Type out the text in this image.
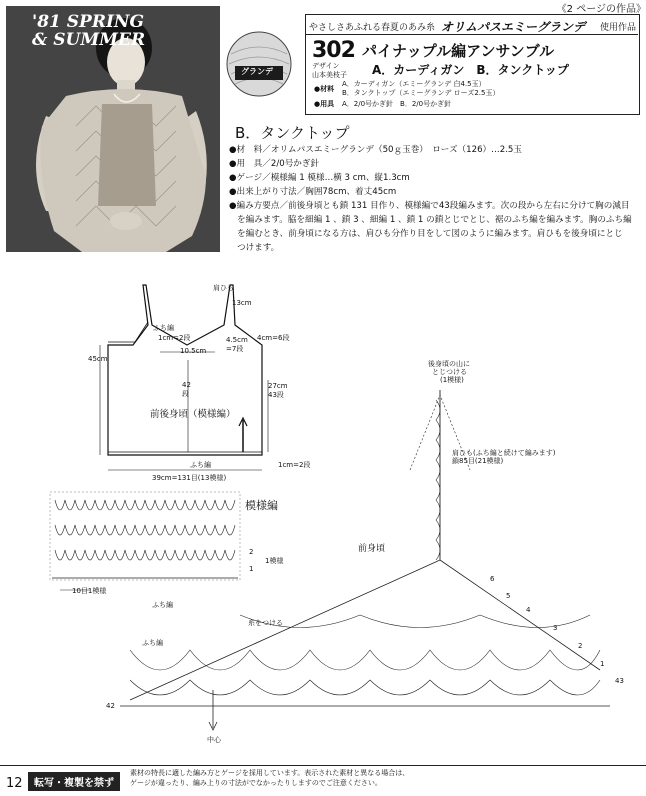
'81 SPRING
& SUMMER
《2 ページの作品》
やさしさあふれる春夏のあみ糸 オリムパスエミーグランデ 使用作品
グランデ
302
デザイン
山本美枝子
パイナップル編アンサンブル
A．カーディガン　B．タンクトップ
●材料
A．カーディガン（エミーグランデ 白4.5玉）
B．タンクトップ（エミーグランデ ローズ2.5玉）
●用具 A．2/0号かぎ針　B．2/0号かぎ針
B．タンクトップ
●材　料／オリムパスエミーグランデ（50ｇ玉巻）　ローズ（126）…2.5玉
●用　具／2/0号かぎ針
●ゲージ／模様編 1 模様…横 3 cm、縦1.3cm
●出来上がり寸法／胸囲78cm、着丈45cm
●編み方要点／前後身頃とも鎖 131 目作り、模様編で43段編みます。次の段から左右に分けて胸の減目
を編みます。脇を細編 1 、鎖 3 、細編 1 、鎖 1 の鎖とじでとじ、裾のふち編を編みます。胸のふち編
を編むとき、前身頃になる方は、肩ひも分作り目をして図のように編みます。肩ひもを後身頃にとじ
つけます。
肩ひも
13cm
ふち編
1cm=2段	4cm=6段
4.5cm
=7段
10.5cm
45cm
42
段
27cm
43段
前後身頃（模様編）
ふち編	1cm=2段
39cm=131目(13模様)
模様編
1模様
2
1
10目1模様
ふち編
前身頃
後身頃の山に
とじつける
(1模様)
肩ひも(ふち編と続けて編みます)
鎖85目(21模様)
糸をつける
ふち編
中心
42
43
6
5
4
3
2
1
12	転写・複製を禁ず
素材の特長に適した編み方とゲージを採用しています。表示された素材と異なる場合は、
ゲージが違ったり、編み上りの寸法がでなかったりしますのでご注意ください。
